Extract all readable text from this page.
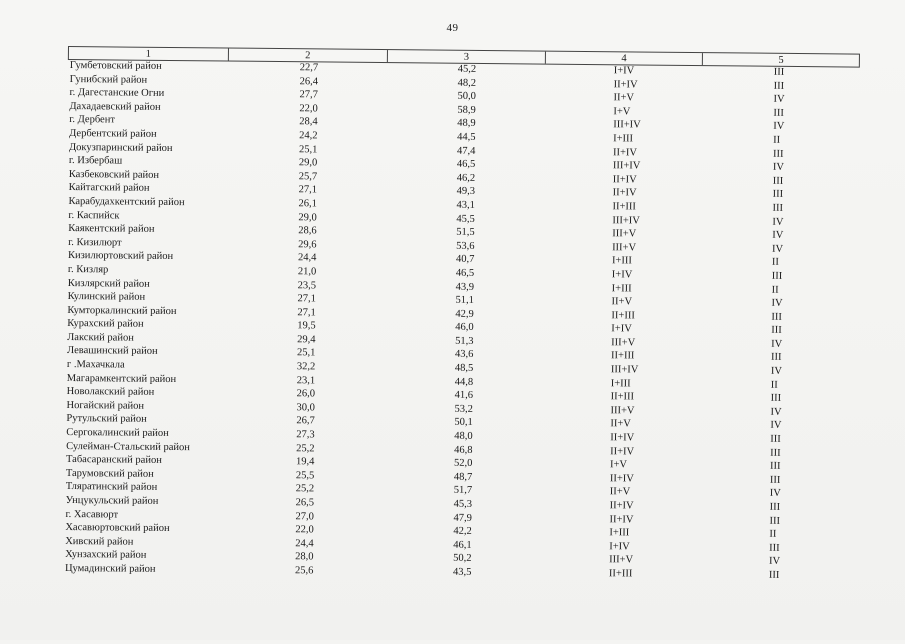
49
1	2	3	4	5
Гумбетовский район	22,7	45,2	I+IV	III
Гунибский район	26,4	48,2	II+IV	III
г. Дагестанские Огни	27,7	50,0	II+V	IV
Дахадаевский район	22,0	58,9	I+V	III
г. Дербент	28,4	48,9	III+IV	IV
Дербентский район	24,2	44,5	I+III	II
Докузпаринский район	25,1	47,4	II+IV	III
г. Избербаш	29,0	46,5	III+IV	IV
Казбековский район	25,7	46,2	II+IV	III
Кайтагский район	27,1	49,3	II+IV	III
Карабудахкентский район	26,1	43,1	II+III	III
г. Каспийск	29,0	45,5	III+IV	IV
Каякентский район	28,6	51,5	III+V	IV
г. Кизилюрт	29,6	53,6	III+V	IV
Кизилюртовский район	24,4	40,7	I+III	II
г. Кизляр	21,0	46,5	I+IV	III
Кизлярский район	23,5	43,9	I+III	II
Кулинский район	27,1	51,1	II+V	IV
Кумторкалинский район	27,1	42,9	II+III	III
Курахский район	19,5	46,0	I+IV	III
Лакский район	29,4	51,3	III+V	IV
Левашинский район	25,1	43,6	II+III	III
г .Махачкала	32,2	48,5	III+IV	IV
Магарамкентский район	23,1	44,8	I+III	II
Новолакский район	26,0	41,6	II+III	III
Ногайский район	30,0	53,2	III+V	IV
Рутульский район	26,7	50,1	II+V	IV
Сергокалинский район	27,3	48,0	II+IV	III
Сулейман-Стальский район	25,2	46,8	II+IV	III
Табасаранский район	19,4	52,0	I+V	III
Тарумовский район	25,5	48,7	II+IV	III
Тляратинский район	25,2	51,7	II+V	IV
Унцукульский район	26,5	45,3	II+IV	III
г. Хасавюрт	27,0	47,9	II+IV	III
Хасавюртовский район	22,0	42,2	I+III	II
Хивский район	24,4	46,1	I+IV	III
Хунзахский район	28,0	50,2	III+V	IV
Цумадинский район	25,6	43,5	II+III	III
